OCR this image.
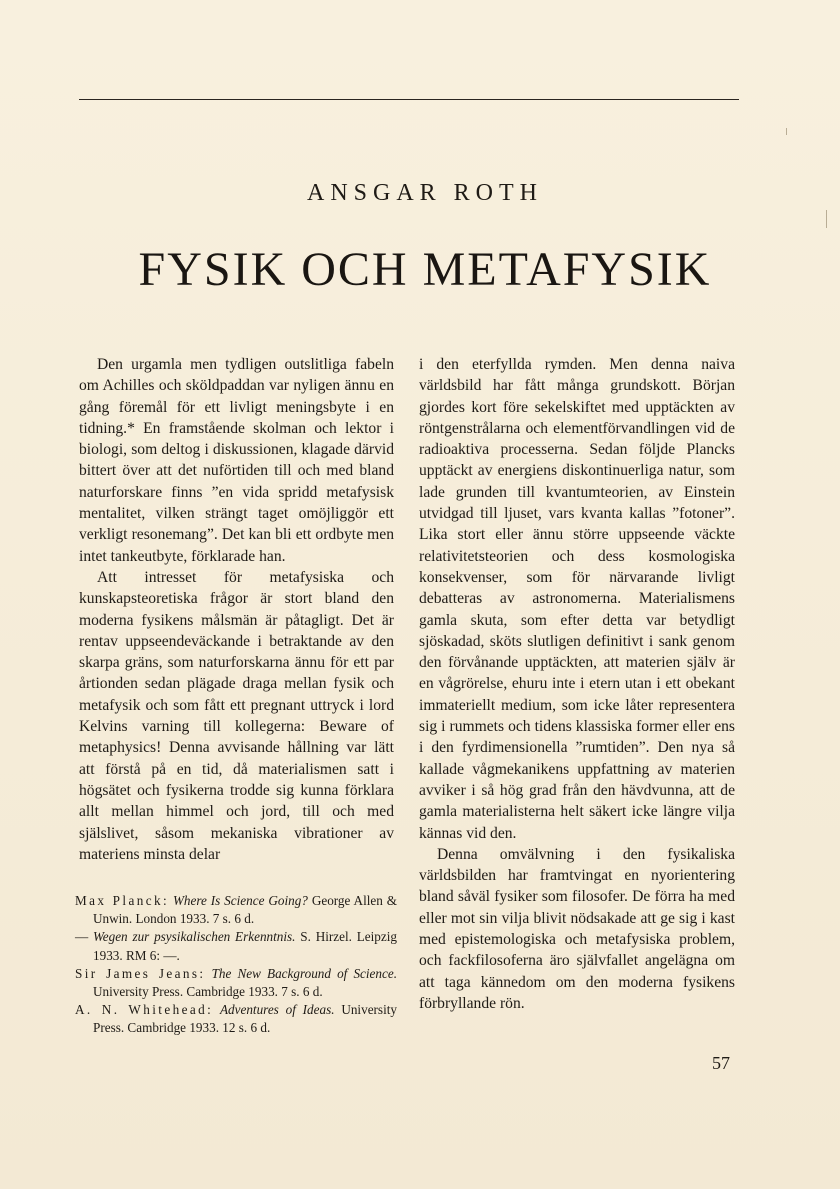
ANSGAR ROTH
FYSIK OCH METAFYSIK

Den urgamla men tydligen outslitliga fabeln om Achilles och sköldpaddan var nyligen ännu en gång föremål för ett livligt meningsbyte i en tidning.* En framstående skolman och lektor i biologi, som deltog i diskussionen, klagade därvid bittert över att det nuförtiden till och med bland naturforskare finns ”en vida spridd metafysisk mentalitet, vilken strängt taget omöjliggör ett verkligt resonemang”. Det kan bli ett ordbyte men intet tankeutbyte, förklarade han.

Att intresset för metafysiska och kunskapsteoretiska frågor är stort bland den moderna fysikens målsmän är påtagligt. Det är rentav uppseendeväckande i betraktande av den skarpa gräns, som naturforskarna ännu för ett par årtionden sedan plägade draga mellan fysik och metafysik och som fått ett pregnant uttryck i lord Kelvins varning till kollegerna: Beware of metaphysics! Denna avvisande hållning var lätt att förstå på en tid, då materialismen satt i högsätet och fysikerna trodde sig kunna förklara allt mellan himmel och jord, till och med själslivet, såsom mekaniska vibrationer av materiens minsta delar

Max Planck: Where Is Science Going? George Allen & Unwin. London 1933. 7 s. 6 d.

— Wegen zur psysikalischen Erkenntnis. S. Hirzel. Leipzig 1933. RM 6: —.

Sir James Jeans: The New Background of Science. University Press. Cambridge 1933. 7 s. 6 d.

A. N. Whitehead: Adventures of Ideas. University Press. Cambridge 1933. 12 s. 6 d.

i den eterfyllda rymden. Men denna naiva världsbild har fått många grundskott. Början gjordes kort före sekelskiftet med upptäckten av röntgenstrålarna och elementförvandlingen vid de radioaktiva processerna. Sedan följde Plancks upptäckt av energiens diskontinuerliga natur, som lade grunden till kvantumteorien, av Einstein utvidgad till ljuset, vars kvanta kallas ”fotoner”. Lika stort eller ännu större uppseende väckte relativitetsteorien och dess kosmologiska konsekvenser, som för närvarande livligt debatteras av astronomerna. Materialismens gamla skuta, som efter detta var betydligt sjöskadad, sköts slutligen definitivt i sank genom den förvånande upptäckten, att materien själv är en vågrörelse, ehuru inte i etern utan i ett obekant immateriellt medium, som icke låter representera sig i rummets och tidens klassiska former eller ens i den fyrdimensionella ”rumtiden”. Den nya så kallade vågmekanikens uppfattning av materien avviker i så hög grad från den hävdvunna, att de gamla materialisterna helt säkert icke längre vilja kännas vid den.

Denna omvälvning i den fysikaliska världsbilden har framtvingat en nyorientering bland såväl fysiker som filosofer. De förra ha med eller mot sin vilja blivit nödsakade att ge sig i kast med epistemologiska och metafysiska problem, och fackfilosoferna äro självfallet angelägna om att taga kännedom om den moderna fysikens förbryllande rön.

57
